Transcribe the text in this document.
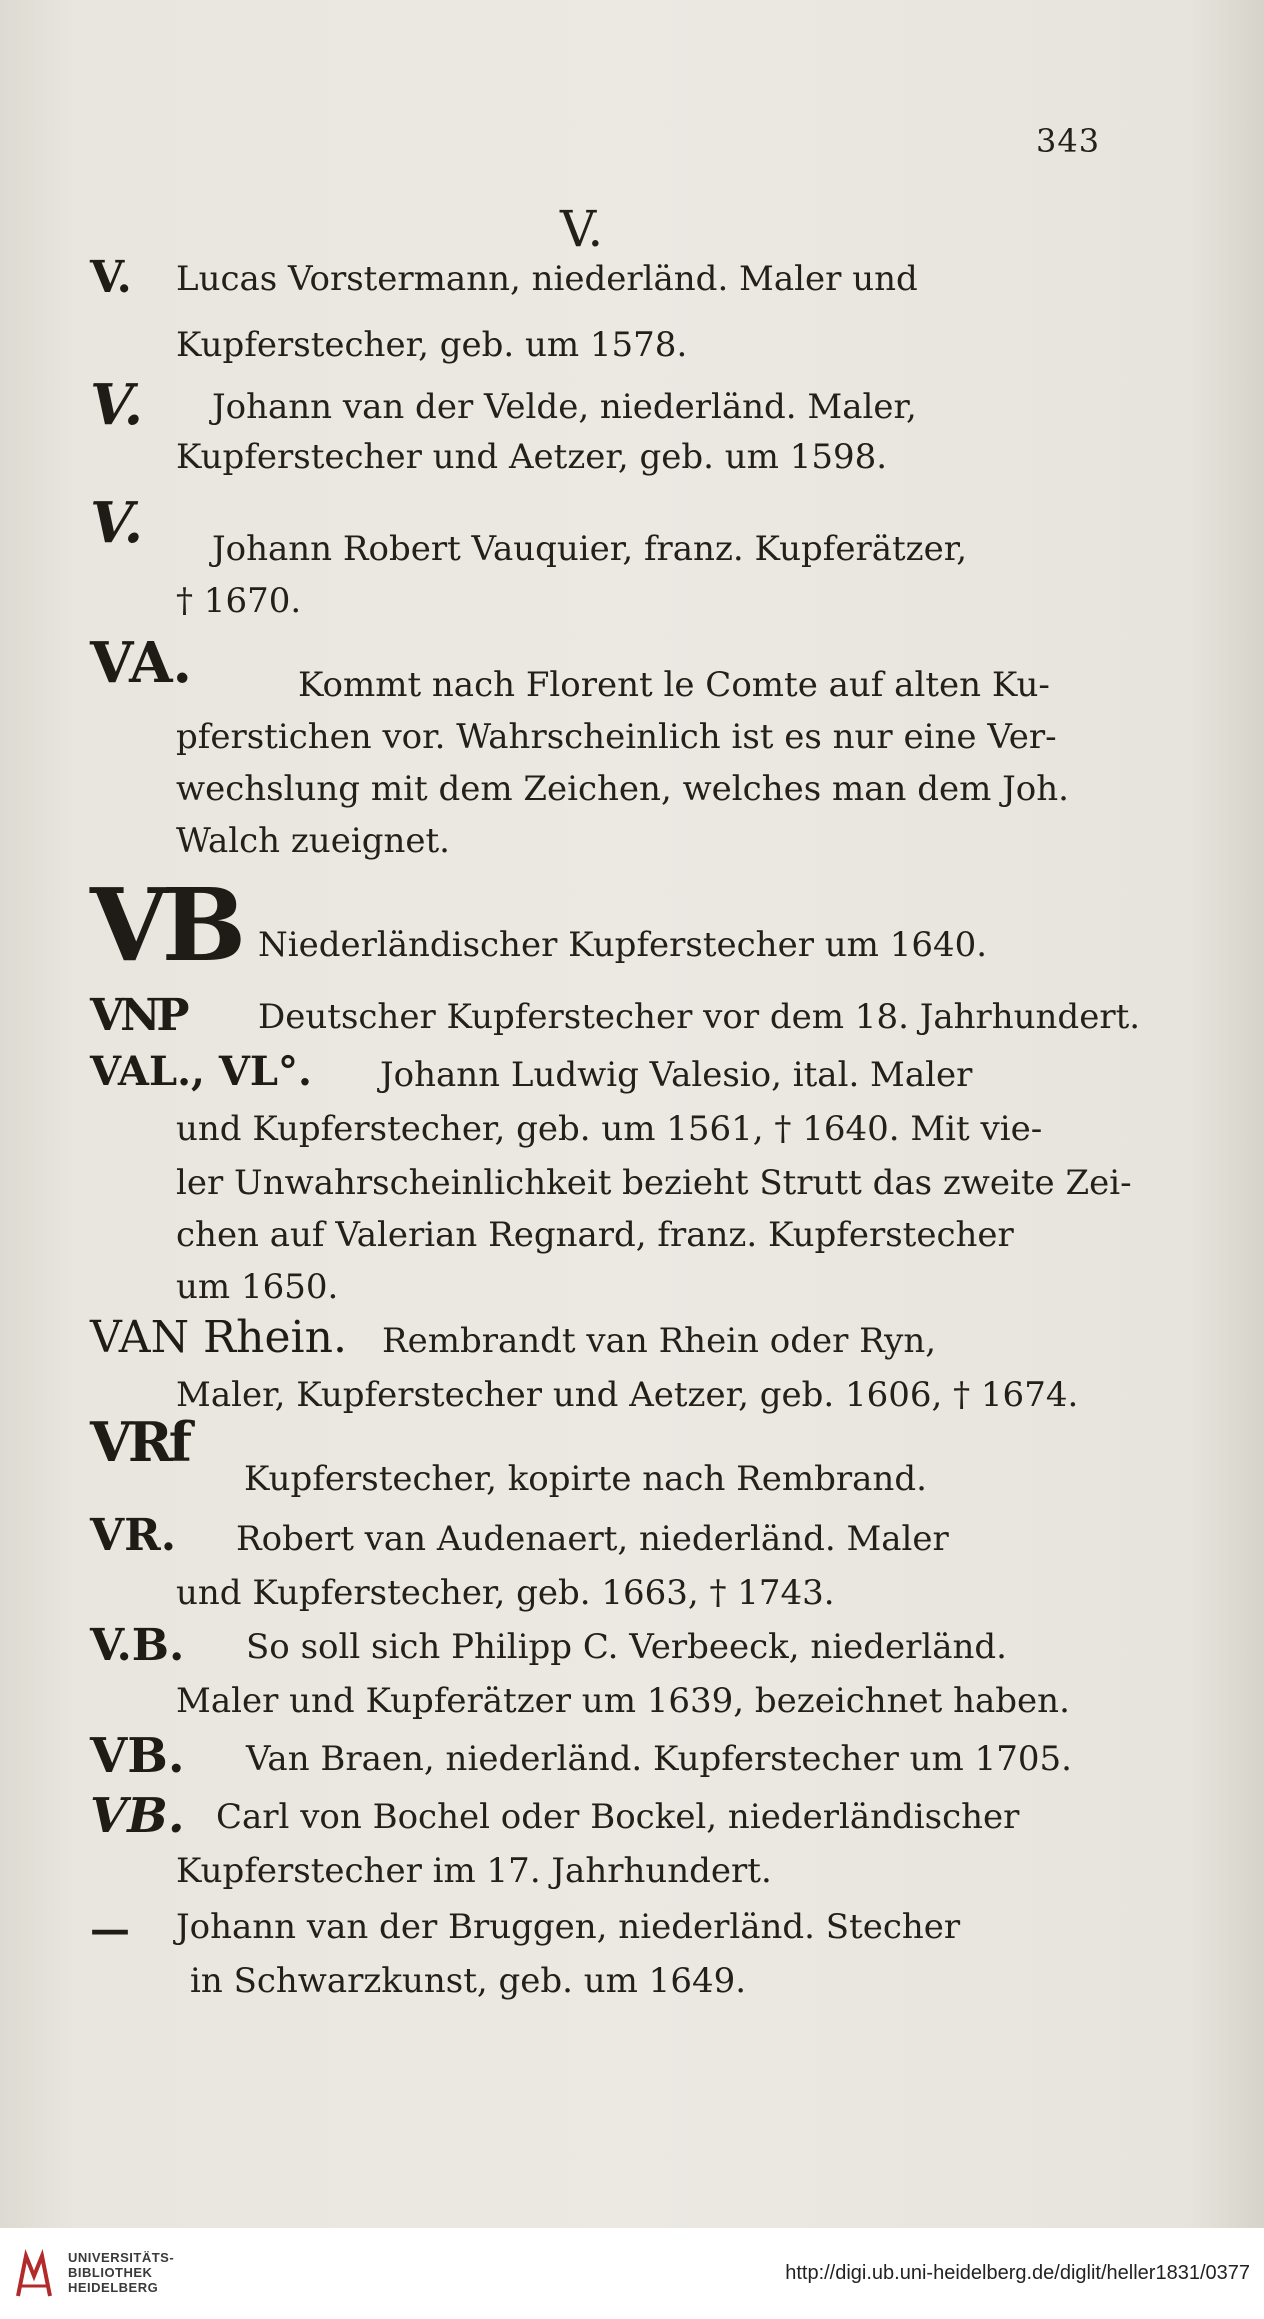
343
V.
V. Lucas Vorstermann, niederländ. Maler und
Kupferstecher, geb. um 1578.
V. Johann van der Velde, niederländ. Maler,
Kupferstecher und Aetzer, geb. um 1598.
V. Johann Robert Vauquier, franz. Kupferätzer,
† 1670.
VA.	Kommt nach Florent le Comte auf alten Ku-
pferstichen vor. Wahrscheinlich ist es nur eine Ver-
wechslung mit dem Zeichen, welches man dem Joh.
Walch zueignet.
VB Niederländischer Kupferstecher um 1640.
VNP Deutscher Kupferstecher vor dem 18. Jahrhundert.
VAL., VL°. Johann Ludwig Valesio, ital. Maler
und Kupferstecher, geb. um 1561, † 1640. Mit vie-
ler Unwahrscheinlichkeit bezieht Strutt das zweite Zei-
chen auf Valerian Regnard, franz. Kupferstecher
um 1650.
VAN Rhein. Rembrandt van Rhein oder Ryn,
Maler, Kupferstecher und Aetzer, geb. 1606, † 1674.
VRf
Kupferstecher, kopirte nach Rembrand.
VR. Robert van Audenaert, niederländ. Maler
und Kupferstecher, geb. 1663, † 1743.
V.B. So soll sich Philipp C. Verbeeck, niederländ.
Maler und Kupferätzer um 1639, bezeichnet haben.
VB. Van Braen, niederländ. Kupferstecher um 1705.
VB. Carl von Bochel oder Bockel, niederländischer
Kupferstecher im 17. Jahrhundert.
— Johann van der Bruggen, niederländ. Stecher
in Schwarzkunst, geb. um 1649.
UNIVERSITÄTS-
BIBLIOTHEK
HEIDELBERG
http://digi.ub.uni-heidelberg.de/diglit/heller1831/0377
